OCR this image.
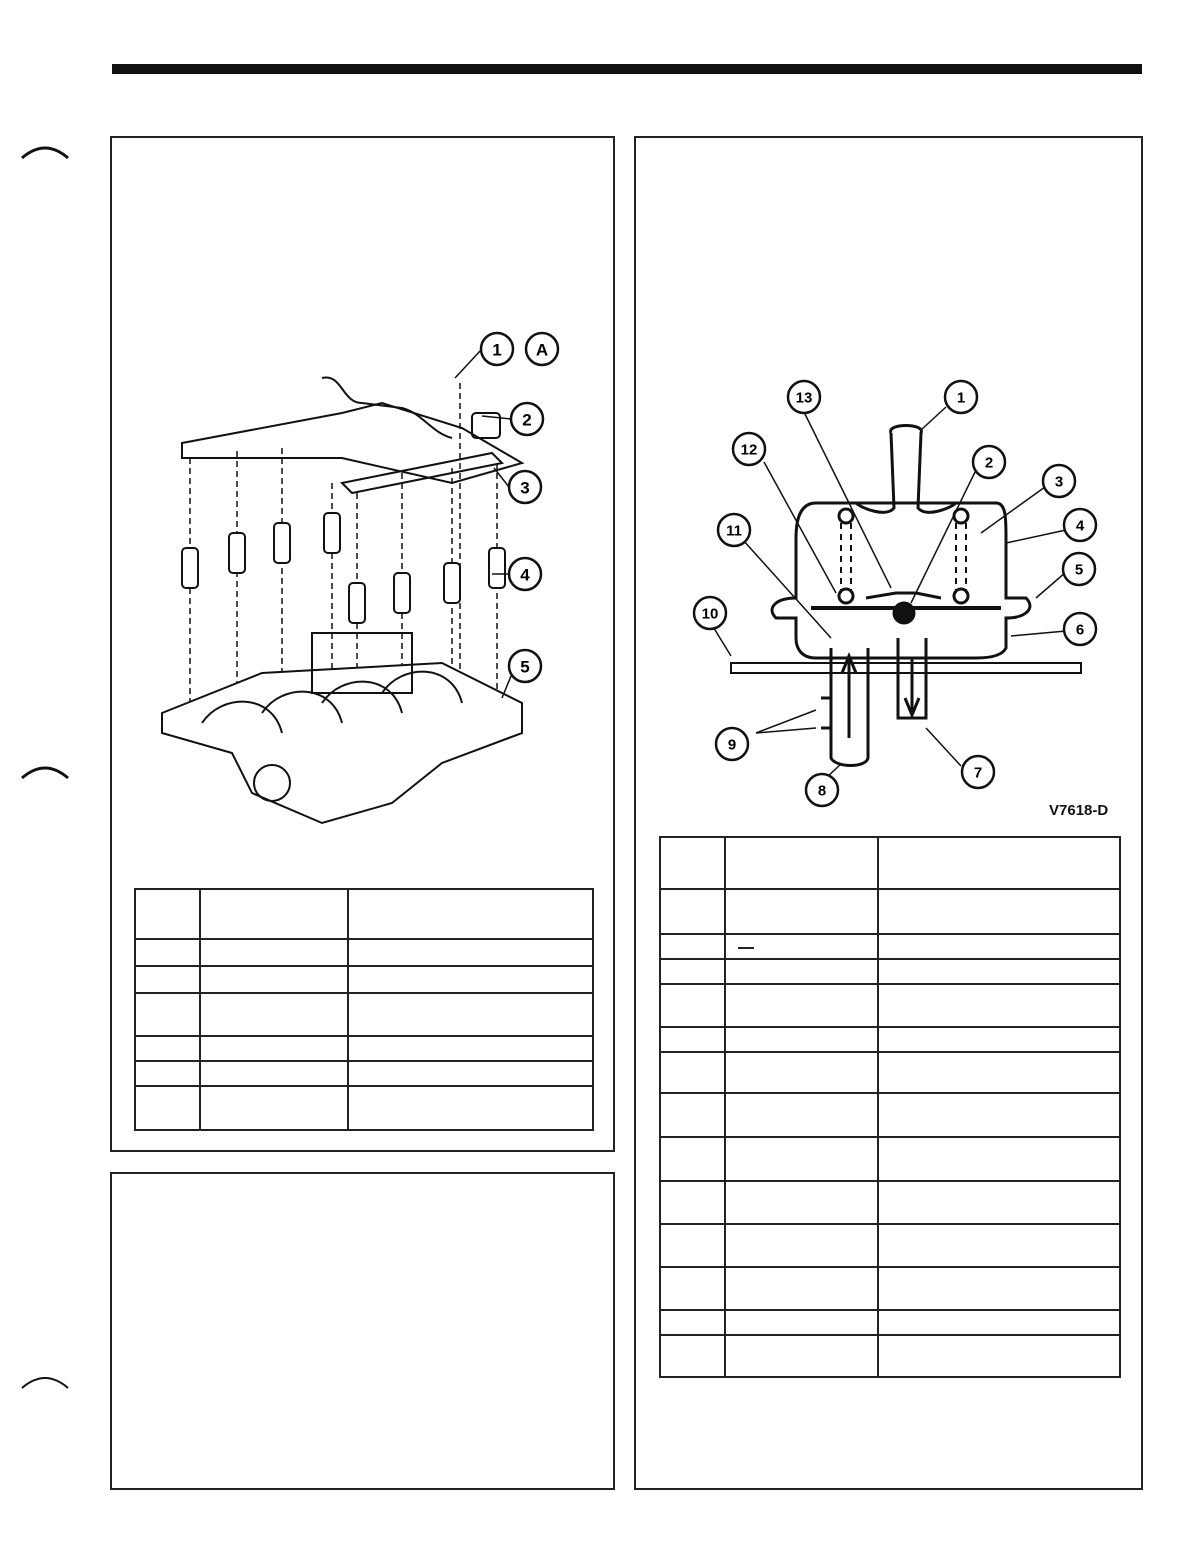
1 A
2
3
4
5

1
2
3
4
5
6
7
8
9
10
11
12
13
V7618-D
